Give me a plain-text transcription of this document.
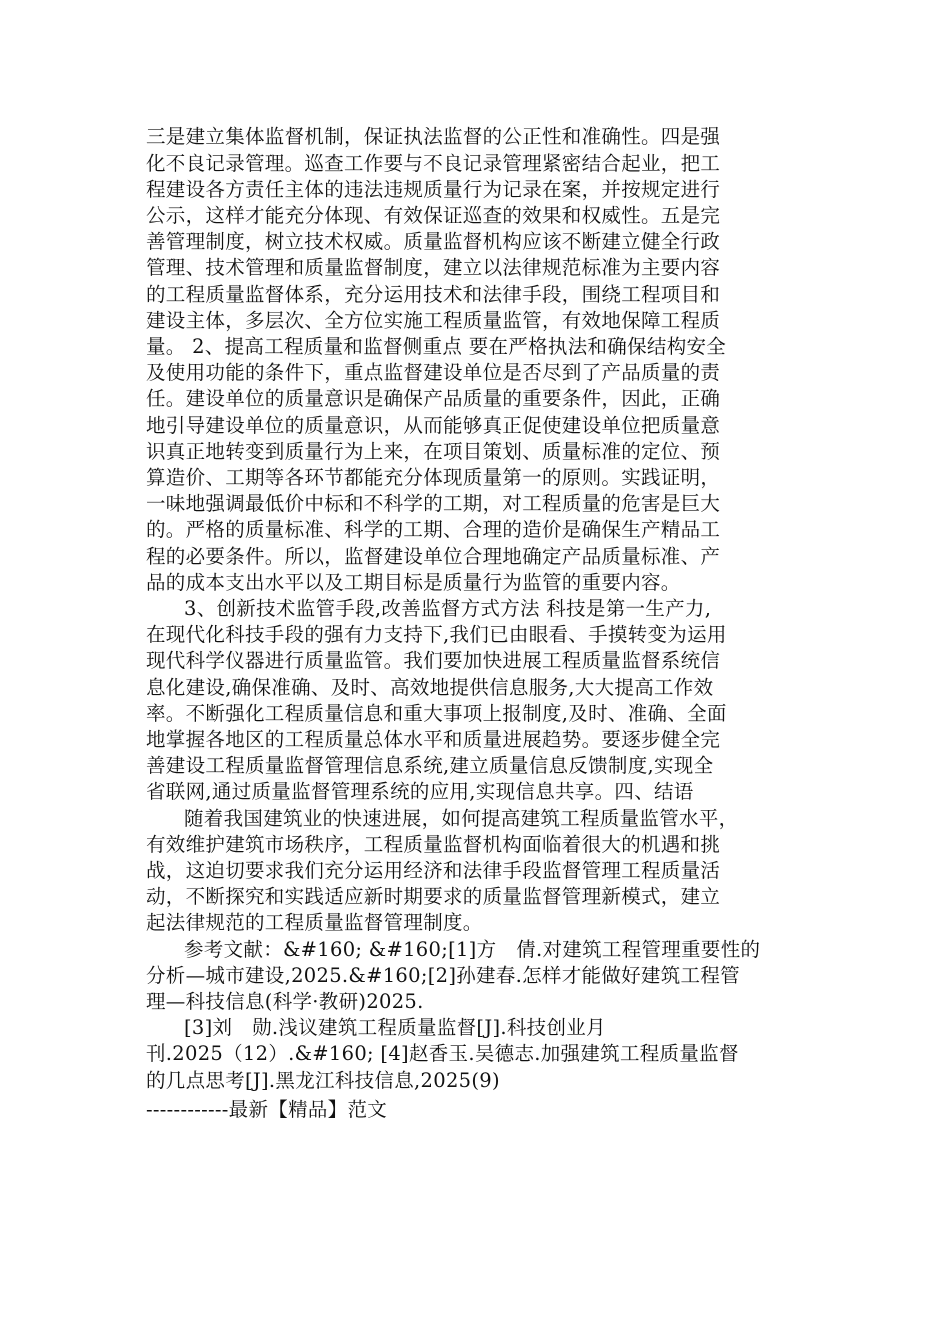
三是建立集体监督机制，保证执法监督的公正性和准确性。四是强
化不良记录管理。巡查工作要与不良记录管理紧密结合起业，把工
程建设各方责任主体的违法违规质量行为记录在案，并按规定进行
公示，这样才能充分体现、有效保证巡查的效果和权威性。五是完
善管理制度，树立技术权威。质量监督机构应该不断建立健全行政
管理、技术管理和质量监督制度，建立以法律规范标准为主要内容
的工程质量监督体系，充分运用技术和法律手段，围绕工程项目和
建设主体，多层次、全方位实施工程质量监管，有效地保障工程质
量。 2、提高工程质量和监督侧重点 要在严格执法和确保结构安全
及使用功能的条件下，重点监督建设单位是否尽到了产品质量的责
任。建设单位的质量意识是确保产品质量的重要条件，因此，正确
地引导建设单位的质量意识，从而能够真正促使建设单位把质量意
识真正地转变到质量行为上来，在项目策划、质量标准的定位、预
算造价、工期等各环节都能充分体现质量第一的原则。实践证明，
一味地强调最低价中标和不科学的工期，对工程质量的危害是巨大
的。严格的质量标准、科学的工期、合理的造价是确保生产精品工
程的必要条件。所以，监督建设单位合理地确定产品质量标准、产
品的成本支出水平以及工期目标是质量行为监管的重要内容。
3、创新技术监管手段,改善监督方式方法 科技是第一生产力,
在现代化科技手段的强有力支持下,我们已由眼看、手摸转变为运用
现代科学仪器进行质量监管。我们要加快进展工程质量监督系统信
息化建设,确保准确、及时、高效地提供信息服务,大大提高工作效
率。不断强化工程质量信息和重大事项上报制度,及时、准确、全面
地掌握各地区的工程质量总体水平和质量进展趋势。要逐步健全完
善建设工程质量监督管理信息系统,建立质量信息反馈制度,实现全
省联网,通过质量监督管理系统的应用,实现信息共享。四、结语
随着我国建筑业的快速进展，如何提高建筑工程质量监管水平，
有效维护建筑市场秩序，工程质量监督机构面临着很大的机遇和挑
战，这迫切要求我们充分运用经济和法律手段监督管理工程质量活
动，不断探究和实践适应新时期要求的质量监督管理新模式，建立
起法律规范的工程质量监督管理制度。
参考文献：&#160; &#160;[1]方　倩.对建筑工程管理重要性的
分析—城市建设,2025.&#160;[2]孙建春.怎样才能做好建筑工程管
理—科技信息(科学·教研)2025.
[3]刘　勋.浅议建筑工程质量监督[J].科技创业月
刊.2025（12）.&#160; [4]赵香玉.吴德志.加强建筑工程质量监督
的几点思考[J].黑龙江科技信息,2025(9)
------------最新【精品】范文
